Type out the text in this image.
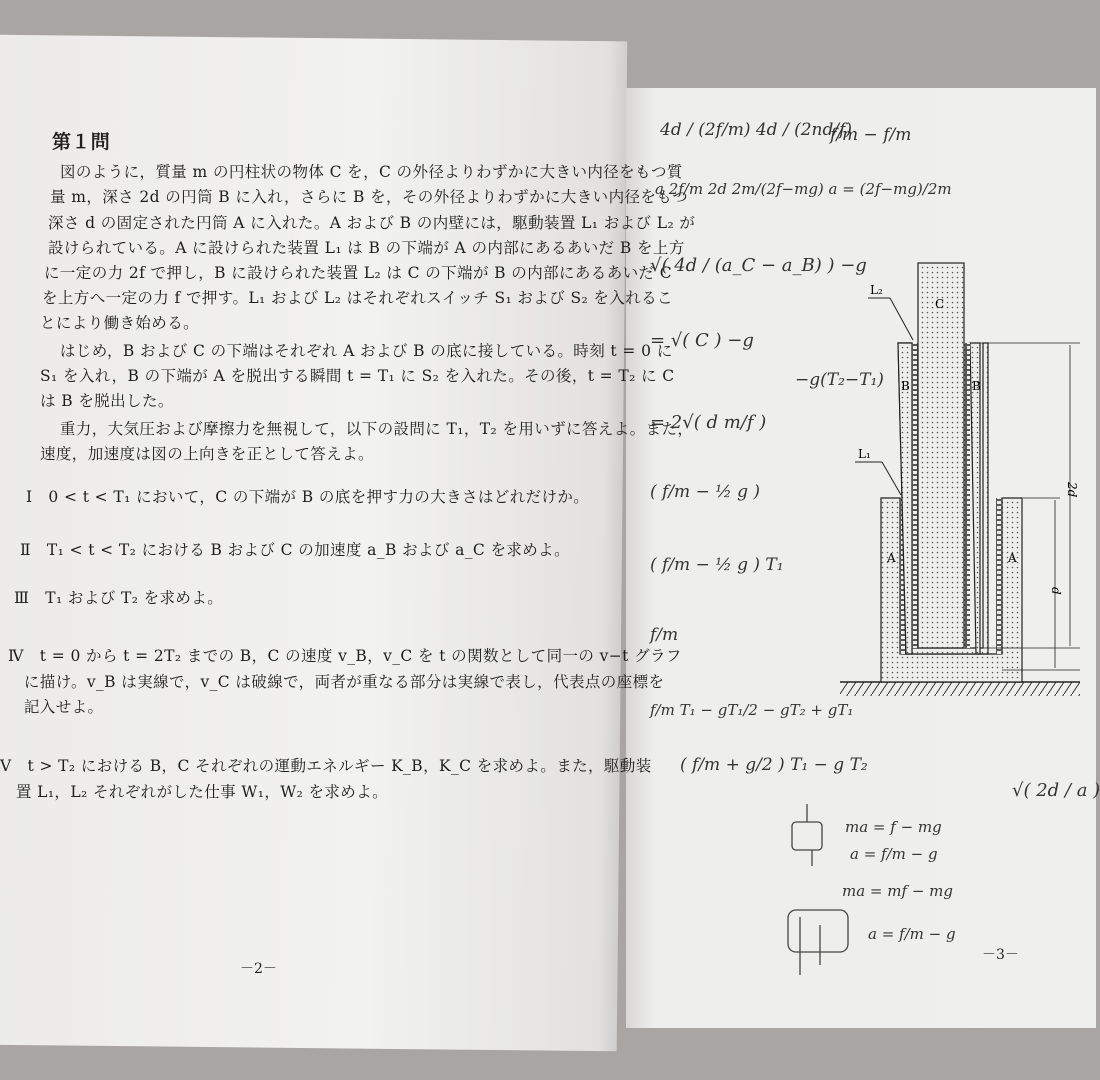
第１問
図のように，質量 m の円柱状の物体 C を，C の外径よりわずかに大きい内径をもつ質
量 m，深さ 2d の円筒 B に入れ，さらに B を，その外径よりわずかに大きい内径をもつ
深さ d の固定された円筒 A に入れた。A および B の内壁には，駆動装置 L₁ および L₂ が
設けられている。A に設けられた装置 L₁ は B の下端が A の内部にあるあいだ B を上方
に一定の力 2f で押し，B に設けられた装置 L₂ は C の下端が B の内部にあるあいだ C
を上方へ一定の力 f で押す。L₁ および L₂ はそれぞれスイッチ S₁ および S₂ を入れるこ
とにより働き始める。
　はじめ，B および C の下端はそれぞれ A および B の底に接している。時刻 t = 0 に
S₁ を入れ，B の下端が A を脱出する瞬間 t = T₁ に S₂ を入れた。その後，t = T₂ に C
は B を脱出した。
　重力，大気圧および摩擦力を無視して，以下の設問に T₁，T₂ を用いずに答えよ。また，
速度，加速度は図の上向きを正として答えよ。
Ⅰ　0 < t < T₁ において，C の下端が B の底を押す力の大きさはどれだけか。
Ⅱ　T₁ < t < T₂ における B および C の加速度 a_B および a_C を求めよ。
Ⅲ　T₁ および T₂ を求めよ。
Ⅳ　t = 0 から t = 2T₂ までの B，C の速度 v_B，v_C を t の関数として同一の v−t グラフ
　に描け。v_B は実線で，v_C は破線で，両者が重なる部分は実線で表し，代表点の座標を
　記入せよ。
Ⅴ　t > T₂ における B，C それぞれの運動エネルギー K_B，K_C を求めよ。また，駆動装
　置 L₁，L₂ それぞれがした仕事 W₁，W₂ を求めよ。
－2－
4d / (2f/m) 4d / (2nd/f)
f/m − f/m
a 2f/m 2d 2m/(2f−mg) a = (2f−mg)/2m
√( 4d / (a_C − a_B) ) −g
= √( C ) −g
−g(T₂−T₁)
= 2√( d m/f )
( f/m − ½ g )
( f/m − ½ g ) T₁
f/m
f/m T₁ − gT₁/2 − gT₂ + gT₁
( f/m + g/2 ) T₁ − g T₂
√( 2d / a )
ma = f − mg
a = f/m − g
ma = mf − mg
a = f/m − g
－3－
C
B	B
A	A
L₂
L₁
d
2d
